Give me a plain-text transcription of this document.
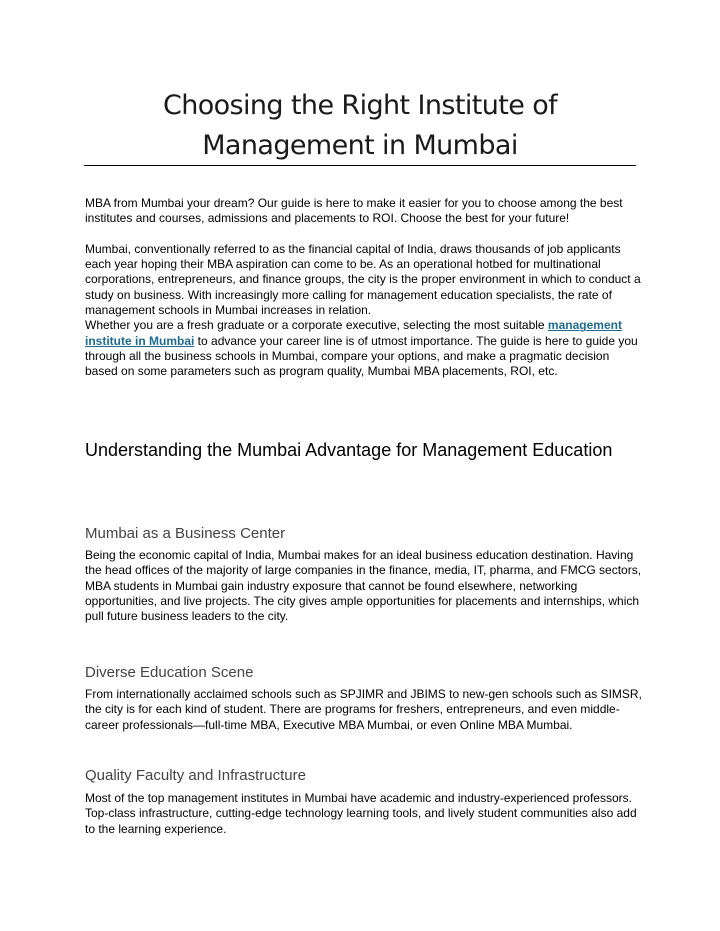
Choosing the Right Institute of
Management in Mumbai

MBA from Mumbai your dream? Our guide is here to make it easier for you to choose among the best institutes and courses, admissions and placements to ROI. Choose the best for your future!

Mumbai, conventionally referred to as the financial capital of India, draws thousands of job applicants each year hoping their MBA aspiration can come to be. As an operational hotbed for multinational corporations, entrepreneurs, and finance groups, the city is the proper environment in which to conduct a study on business. With increasingly more calling for management education specialists, the rate of management schools in Mumbai increases in relation.

Whether you are a fresh graduate or a corporate executive, selecting the most suitable management institute in Mumbai to advance your career line is of utmost importance. The guide is here to guide you through all the business schools in Mumbai, compare your options, and make a pragmatic decision based on some parameters such as program quality, Mumbai MBA placements, ROI, etc.

Understanding the Mumbai Advantage for Management Education
Mumbai as a Business Center

Being the economic capital of India, Mumbai makes for an ideal business education destination. Having the head offices of the majority of large companies in the finance, media, IT, pharma, and FMCG sectors, MBA students in Mumbai gain industry exposure that cannot be found elsewhere, networking opportunities, and live projects. The city gives ample opportunities for placements and internships, which pull future business leaders to the city.

Diverse Education Scene

From internationally acclaimed schools such as SPJIMR and JBIMS to new-gen schools such as SIMSR, the city is for each kind of student. There are programs for freshers, entrepreneurs, and even middle-career professionals—full-time MBA, Executive MBA Mumbai, or even Online MBA Mumbai.

Quality Faculty and Infrastructure

Most of the top management institutes in Mumbai have academic and industry-experienced professors. Top-class infrastructure, cutting-edge technology learning tools, and lively student communities also add to the learning experience.
